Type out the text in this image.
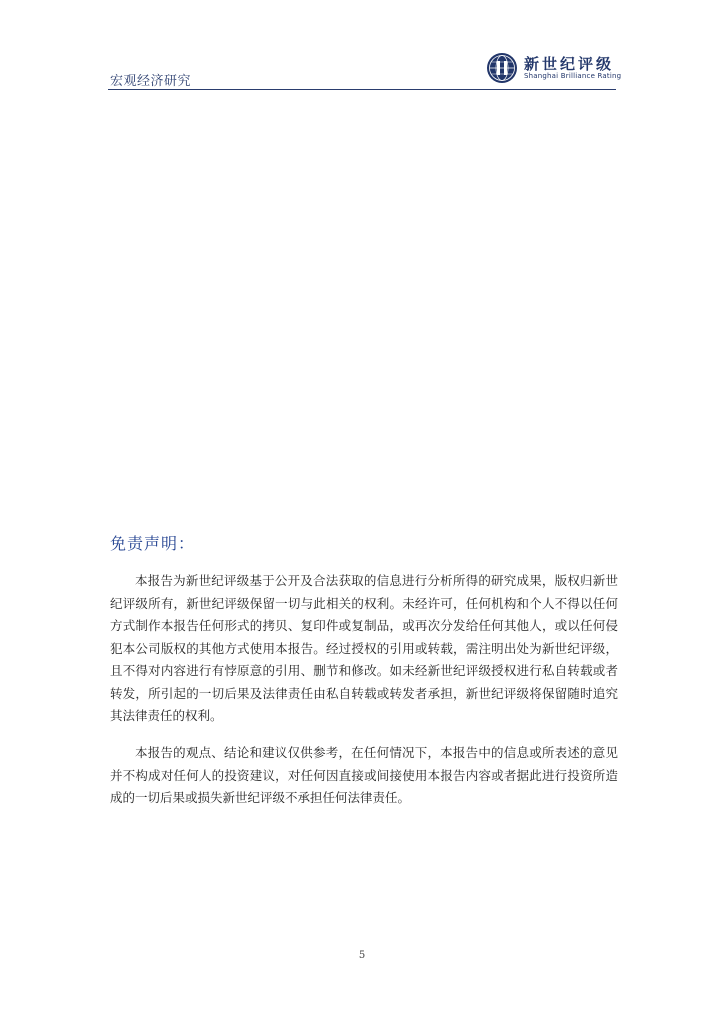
宏观经济研究
新世纪评级
Shanghai Brilliance Rating
免责声明：

本报告为新世纪评级基于公开及合法获取的信息进行分析所得的研究成果，版权归新世纪评级所有，新世纪评级保留一切与此相关的权利。未经许可，任何机构和个人不得以任何方式制作本报告任何形式的拷贝、复印件或复制品，或再次分发给任何其他人，或以任何侵犯本公司版权的其他方式使用本报告。经过授权的引用或转载，需注明出处为新世纪评级，且不得对内容进行有悖原意的引用、删节和修改。如未经新世纪评级授权进行私自转载或者转发，所引起的一切后果及法律责任由私自转载或转发者承担，新世纪评级将保留随时追究其法律责任的权利。

本报告的观点、结论和建议仅供参考，在任何情况下，本报告中的信息或所表述的意见并不构成对任何人的投资建议，对任何因直接或间接使用本报告内容或者据此进行投资所造成的一切后果或损失新世纪评级不承担任何法律责任。

5
